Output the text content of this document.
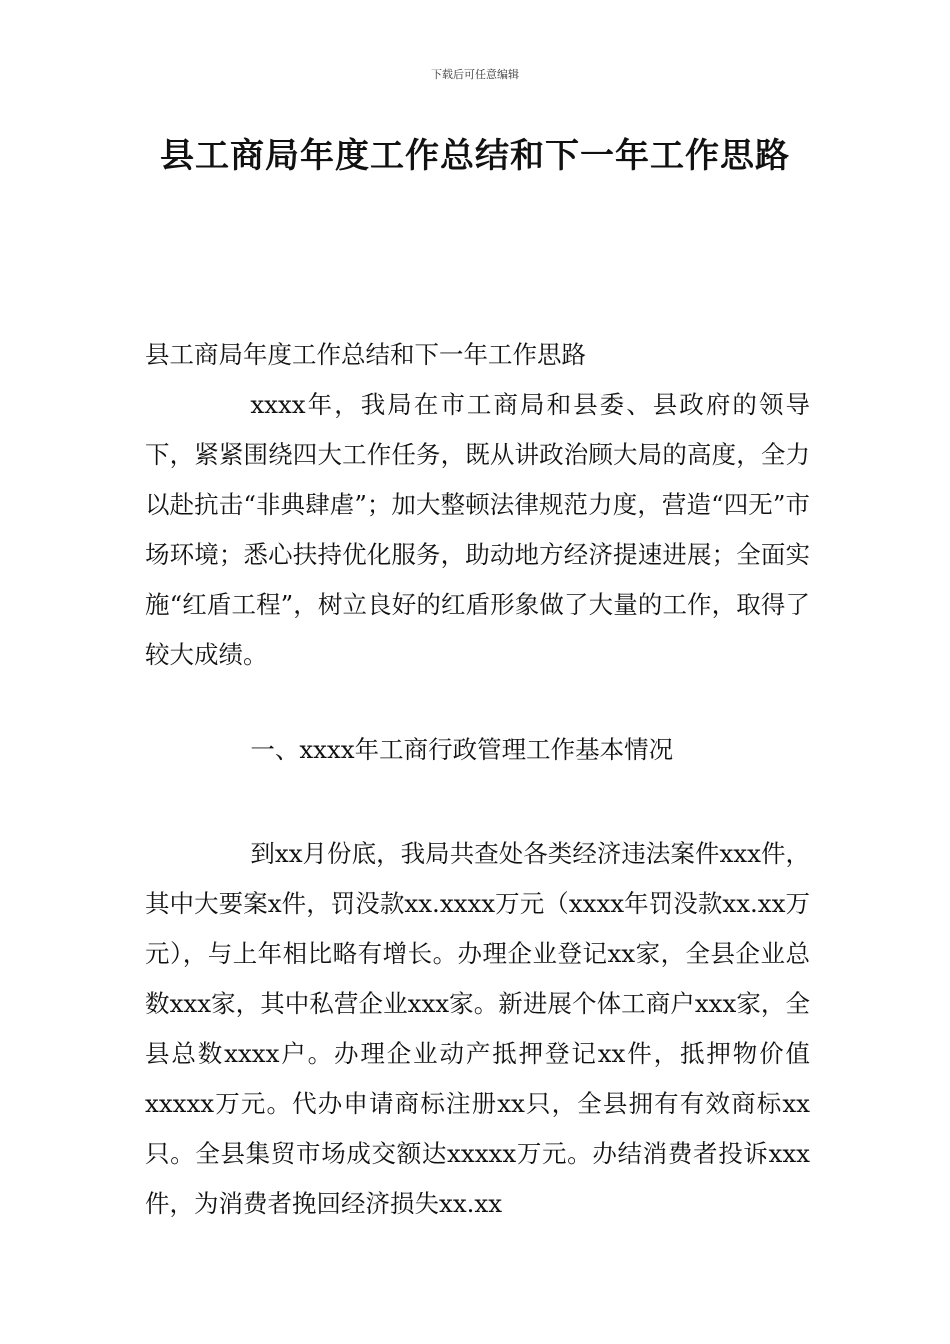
下载后可任意编辑
县工商局年度工作总结和下一年工作思路

县工商局年度工作总结和下一年工作思路

xxxx年，我局在市工商局和县委、县政府的领导下，紧紧围绕四大工作任务，既从讲政治顾大局的高度，全力以赴抗击“非典肆虐”；加大整顿法律规范力度，营造“四无”市场环境；悉心扶持优化服务，助动地方经济提速进展；全面实施“红盾工程”，树立良好的红盾形象做了大量的工作，取得了较大成绩。

一、xxxx年工商行政管理工作基本情况

到xx月份底，我局共查处各类经济违法案件xxx件，其中大要案x件，罚没款xx.xxxx万元（xxxx年罚没款xx.xx万元），与上年相比略有增长。办理企业登记xx家，全县企业总数xxx家，其中私营企业xxx家。新进展个体工商户xxx家，全县总数xxxx户。办理企业动产抵押登记xx件，抵押物价值xxxxx万元。代办申请商标注册xx只，全县拥有有效商标xx只。全县集贸市场成交额达xxxxx万元。办结消费者投诉xxx件，为消费者挽回经济损失xx.xx
